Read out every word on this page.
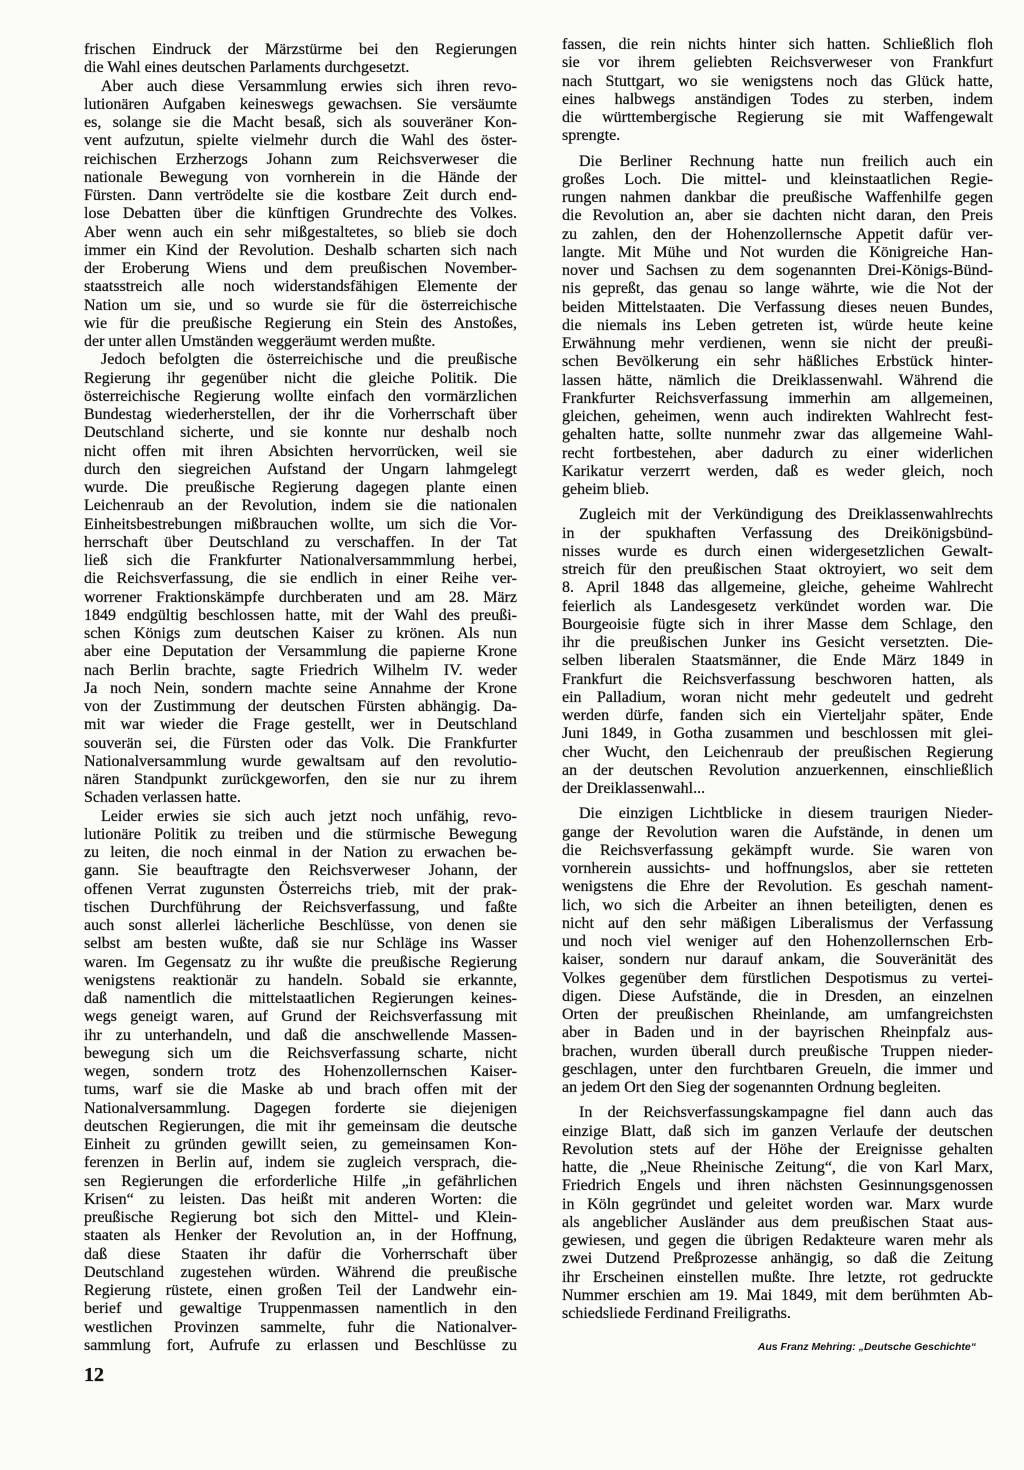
frischen Eindruck der Märzstürme bei den Regierungen
die Wahl eines deutschen Parlaments durchgesetzt.
Aber auch diese Versammlung erwies sich ihren revo-
lutionären Aufgaben keineswegs gewachsen. Sie versäumte
es, solange sie die Macht besaß, sich als souveräner Kon-
vent aufzutun, spielte vielmehr durch die Wahl des öster-
reichischen Erzherzogs Johann zum Reichsverweser die
nationale Bewegung von vornherein in die Hände der
Fürsten. Dann vertrödelte sie die kostbare Zeit durch end-
lose Debatten über die künftigen Grundrechte des Volkes.
Aber wenn auch ein sehr mißgestaltetes, so blieb sie doch
immer ein Kind der Revolution. Deshalb scharten sich nach
der Eroberung Wiens und dem preußischen November-
staatsstreich alle noch widerstandsfähigen Elemente der
Nation um sie, und so wurde sie für die österreichische
wie für die preußische Regierung ein Stein des Anstoßes,
der unter allen Umständen weggeräumt werden mußte.
Jedoch befolgten die österreichische und die preußische
Regierung ihr gegenüber nicht die gleiche Politik. Die
österreichische Regierung wollte einfach den vormärzlichen
Bundestag wiederherstellen, der ihr die Vorherrschaft über
Deutschland sicherte, und sie konnte nur deshalb noch
nicht offen mit ihren Absichten hervorrücken, weil sie
durch den siegreichen Aufstand der Ungarn lahmgelegt
wurde. Die preußische Regierung dagegen plante einen
Leichenraub an der Revolution, indem sie die nationalen
Einheitsbestrebungen mißbrauchen wollte, um sich die Vor-
herrschaft über Deutschland zu verschaffen. In der Tat
ließ sich die Frankfurter Nationalversammmlung herbei,
die Reichsverfassung, die sie endlich in einer Reihe ver-
worrener Fraktionskämpfe durchberaten und am 28. März
1849 endgültig beschlossen hatte, mit der Wahl des preußi-
schen Königs zum deutschen Kaiser zu krönen. Als nun
aber eine Deputation der Versammlung die papierne Krone
nach Berlin brachte, sagte Friedrich Wilhelm IV. weder
Ja noch Nein, sondern machte seine Annahme der Krone
von der Zustimmung der deutschen Fürsten abhängig. Da-
mit war wieder die Frage gestellt, wer in Deutschland
souverän sei, die Fürsten oder das Volk. Die Frankfurter
Nationalversammlung wurde gewaltsam auf den revolutio-
nären Standpunkt zurückgeworfen, den sie nur zu ihrem
Schaden verlassen hatte.
Leider erwies sie sich auch jetzt noch unfähig, revo-
lutionäre Politik zu treiben und die stürmische Bewegung
zu leiten, die noch einmal in der Nation zu erwachen be-
gann. Sie beauftragte den Reichsverweser Johann, der
offenen Verrat zugunsten Österreichs trieb, mit der prak-
tischen Durchführung der Reichsverfassung, und faßte
auch sonst allerlei lächerliche Beschlüsse, von denen sie
selbst am besten wußte, daß sie nur Schläge ins Wasser
waren. Im Gegensatz zu ihr wußte die preußische Regierung
wenigstens reaktionär zu handeln. Sobald sie erkannte,
daß namentlich die mittelstaatlichen Regierungen keines-
wegs geneigt waren, auf Grund der Reichsverfassung mit
ihr zu unterhandeln, und daß die anschwellende Massen-
bewegung sich um die Reichsverfassung scharte, nicht
wegen, sondern trotz des Hohenzollernschen Kaiser-
tums, warf sie die Maske ab und brach offen mit der
Nationalversammlung. Dagegen forderte sie diejenigen
deutschen Regierungen, die mit ihr gemeinsam die deutsche
Einheit zu gründen gewillt seien, zu gemeinsamen Kon-
ferenzen in Berlin auf, indem sie zugleich versprach, die-
sen Regierungen die erforderliche Hilfe „in gefährlichen
Krisen“ zu leisten. Das heißt mit anderen Worten: die
preußische Regierung bot sich den Mittel- und Klein-
staaten als Henker der Revolution an, in der Hoffnung,
daß diese Staaten ihr dafür die Vorherrschaft über
Deutschland zugestehen würden. Während die preußische
Regierung rüstete, einen großen Teil der Landwehr ein-
berief und gewaltige Truppenmassen namentlich in den
westlichen Provinzen sammelte, fuhr die Nationalver-
sammlung fort, Aufrufe zu erlassen und Beschlüsse zu
fassen, die rein nichts hinter sich hatten. Schließlich floh
sie vor ihrem geliebten Reichsverweser von Frankfurt
nach Stuttgart, wo sie wenigstens noch das Glück hatte,
eines halbwegs anständigen Todes zu sterben, indem
die württembergische Regierung sie mit Waffengewalt
sprengte.
Die Berliner Rechnung hatte nun freilich auch ein
großes Loch. Die mittel- und kleinstaatlichen Regie-
rungen nahmen dankbar die preußische Waffenhilfe gegen
die Revolution an, aber sie dachten nicht daran, den Preis
zu zahlen, den der Hohenzollernsche Appetit dafür ver-
langte. Mit Mühe und Not wurden die Königreiche Han-
nover und Sachsen zu dem sogenannten Drei-Königs-Bünd-
nis gepreßt, das genau so lange währte, wie die Not der
beiden Mittelstaaten. Die Verfassung dieses neuen Bundes,
die niemals ins Leben getreten ist, würde heute keine
Erwähnung mehr verdienen, wenn sie nicht der preußi-
schen Bevölkerung ein sehr häßliches Erbstück hinter-
lassen hätte, nämlich die Dreiklassenwahl. Während die
Frankfurter Reichsverfassung immerhin am allgemeinen,
gleichen, geheimen, wenn auch indirekten Wahlrecht fest-
gehalten hatte, sollte nunmehr zwar das allgemeine Wahl-
recht fortbestehen, aber dadurch zu einer widerlichen
Karikatur verzerrt werden, daß es weder gleich, noch
geheim blieb.
Zugleich mit der Verkündigung des Dreiklassenwahlrechts
in der spukhaften Verfassung des Dreikönigsbünd-
nisses wurde es durch einen widergesetzlichen Gewalt-
streich für den preußischen Staat oktroyiert, wo seit dem
8. April 1848 das allgemeine, gleiche, geheime Wahlrecht
feierlich als Landesgesetz verkündet worden war. Die
Bourgeoisie fügte sich in ihrer Masse dem Schlage, den
ihr die preußischen Junker ins Gesicht versetzten. Die-
selben liberalen Staatsmänner, die Ende März 1849 in
Frankfurt die Reichsverfassung beschworen hatten, als
ein Palladium, woran nicht mehr gedeutelt und gedreht
werden dürfe, fanden sich ein Vierteljahr später, Ende
Juni 1849, in Gotha zusammen und beschlossen mit glei-
cher Wucht, den Leichenraub der preußischen Regierung
an der deutschen Revolution anzuerkennen, einschließlich
der Dreiklassenwahl...
Die einzigen Lichtblicke in diesem traurigen Nieder-
gange der Revolution waren die Aufstände, in denen um
die Reichsverfassung gekämpft wurde. Sie waren von
vornherein aussichts- und hoffnungslos, aber sie retteten
wenigstens die Ehre der Revolution. Es geschah nament-
lich, wo sich die Arbeiter an ihnen beteiligten, denen es
nicht auf den sehr mäßigen Liberalismus der Verfassung
und noch viel weniger auf den Hohenzollernschen Erb-
kaiser, sondern nur darauf ankam, die Souveränität des
Volkes gegenüber dem fürstlichen Despotismus zu vertei-
digen. Diese Aufstände, die in Dresden, an einzelnen
Orten der preußischen Rheinlande, am umfangreichsten
aber in Baden und in der bayrischen Rheinpfalz aus-
brachen, wurden überall durch preußische Truppen nieder-
geschlagen, unter den furchtbaren Greueln, die immer und
an jedem Ort den Sieg der sogenannten Ordnung begleiten.
In der Reichsverfassungskampagne fiel dann auch das
einzige Blatt, daß sich im ganzen Verlaufe der deutschen
Revolution stets auf der Höhe der Ereignisse gehalten
hatte, die „Neue Rheinische Zeitung“, die von Karl Marx,
Friedrich Engels und ihren nächsten Gesinnungsgenossen
in Köln gegründet und geleitet worden war. Marx wurde
als angeblicher Ausländer aus dem preußischen Staat aus-
gewiesen, und gegen die übrigen Redakteure waren mehr als
zwei Dutzend Preßprozesse anhängig, so daß die Zeitung
ihr Erscheinen einstellen mußte. Ihre letzte, rot gedruckte
Nummer erschien am 19. Mai 1849, mit dem berühmten Ab-
schiedsliede Ferdinand Freiligraths.
12
Aus Franz Mehring: „Deutsche Geschichte“
